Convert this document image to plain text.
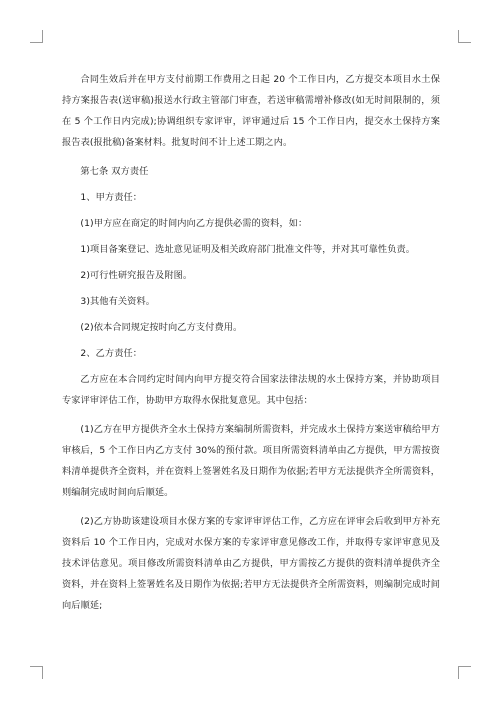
合同生效后并在甲方支付前期工作费用之日起 20 个工作日内，乙方提交本项目水土保持方案报告表(送审稿)报送水行政主管部门审查，若送审稿需增补修改(如无时间限制的，须在 5 个工作日内完成);协调组织专家评审，评审通过后 15 个工作日内，提交水土保持方案报告表(报批稿)备案材料。批复时间不计上述工期之内。

第七条 双方责任

1、甲方责任：

(1)甲方应在商定的时间内向乙方提供必需的资料，如：

1)项目备案登记、选址意见证明及相关政府部门批准文件等，并对其可靠性负责。

2)可行性研究报告及附图。

3)其他有关资料。

(2)依本合同规定按时向乙方支付费用。

2、乙方责任：

乙方应在本合同约定时间内向甲方提交符合国家法律法规的水土保持方案，并协助项目专家评审评估工作，协助甲方取得水保批复意见。其中包括：

(1)乙方在甲方提供齐全水土保持方案编制所需资料，并完成水土保持方案送审稿给甲方审核后，5 个工作日内乙方支付 30%的预付款。项目所需资料清单由乙方提供，甲方需按资料清单提供齐全资料，并在资料上签署姓名及日期作为依据;若甲方无法提供齐全所需资料，则编制完成时间向后顺延。

(2)乙方协助该建设项目水保方案的专家评审评估工作，乙方应在评审会后收到甲方补充资料后 10 个工作日内，完成对水保方案的专家评审意见修改工作，并取得专家评审意见及技术评估意见。项目修改所需资料清单由乙方提供，甲方需按乙方提供的资料清单提供齐全资料，并在资料上签署姓名及日期作为依据;若甲方无法提供齐全所需资料，则编制完成时间向后顺延;
